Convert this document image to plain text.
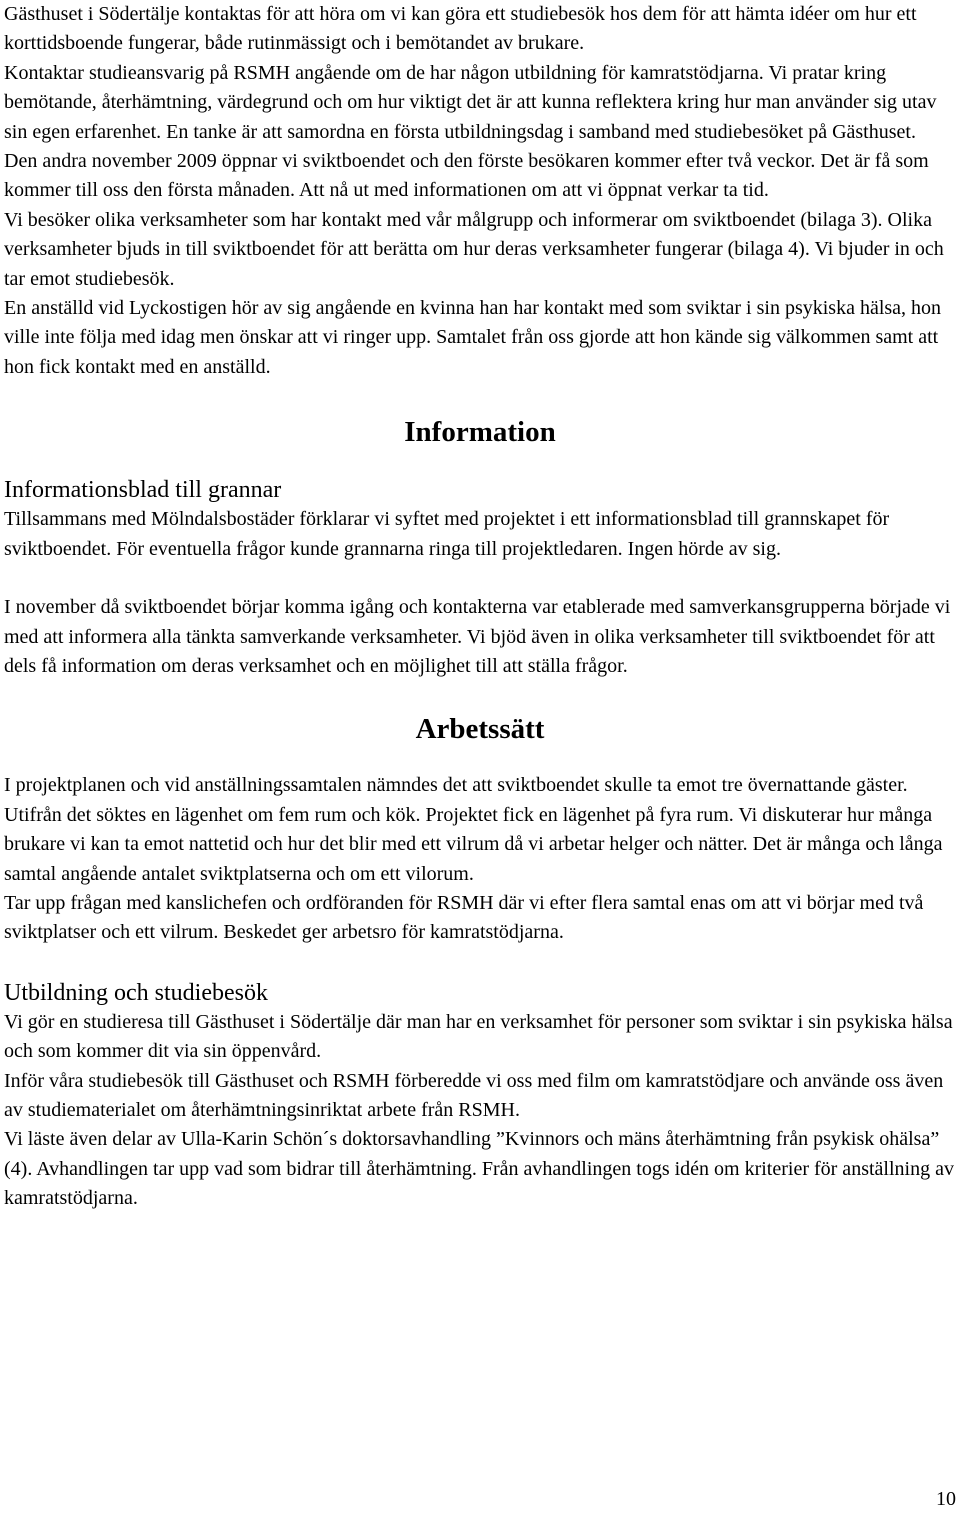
Gästhuset i Södertälje kontaktas för att höra om vi kan göra ett studiebesök hos dem för att hämta idéer om hur ett korttidsboende fungerar, både rutinmässigt och i bemötandet av brukare.

Kontaktar studieansvarig på RSMH angående om de har någon utbildning för kamratstödjarna. Vi pratar kring bemötande, återhämtning, värdegrund och om hur viktigt det är att kunna reflektera kring hur man använder sig utav sin egen erfarenhet. En tanke är att samordna en första utbildningsdag i samband med studiebesöket på Gästhuset.

Den andra november 2009 öppnar vi sviktboendet och den förste besökaren kommer efter två veckor. Det är få som kommer till oss den första månaden. Att nå ut med informationen om att vi öppnat verkar ta tid.

Vi besöker olika verksamheter som har kontakt med vår målgrupp och informerar om sviktboendet (bilaga 3). Olika verksamheter bjuds in till sviktboendet för att berätta om hur deras verksamheter fungerar (bilaga 4). Vi bjuder in och tar emot studiebesök.

En anställd vid Lyckostigen hör av sig angående en kvinna han har kontakt med som sviktar i sin psykiska hälsa, hon ville inte följa med idag men önskar att vi ringer upp. Samtalet från oss gjorde att hon kände sig välkommen samt att hon fick kontakt med en anställd.

Information
Informationsblad till grannar

Tillsammans med Mölndalsbostäder förklarar vi syftet med projektet i ett informationsblad till grannskapet för sviktboendet. För eventuella frågor kunde grannarna ringa till projektledaren. Ingen hörde av sig.

I november då sviktboendet börjar komma igång och kontakterna var etablerade med samverkansgrupperna började vi med att informera alla tänkta samverkande verksamheter. Vi bjöd även in olika verksamheter till sviktboendet för att dels få information om deras verksamhet och en möjlighet till att ställa frågor.

Arbetssätt

I projektplanen och vid anställningssamtalen nämndes det att sviktboendet skulle ta emot tre övernattande gäster. Utifrån det söktes en lägenhet om fem rum och kök. Projektet fick en lägenhet på fyra rum. Vi diskuterar hur många brukare vi kan ta emot nattetid och hur det blir med ett vilrum då vi arbetar helger och nätter. Det är många och långa samtal angående antalet sviktplatserna och om ett vilorum.

Tar upp frågan med kanslichefen och ordföranden för RSMH där vi efter flera samtal enas om att vi börjar med två sviktplatser och ett vilrum. Beskedet ger arbetsro för kamratstödjarna.

Utbildning och studiebesök

Vi gör en studieresa till Gästhuset i Södertälje där man har en verksamhet för personer som sviktar i sin psykiska hälsa och som kommer dit via sin öppenvård.

Inför våra studiebesök till Gästhuset och RSMH förberedde vi oss med film om kamratstödjare och använde oss även av studiematerialet om återhämtningsinriktat arbete från RSMH.

Vi läste även delar av Ulla-Karin Schön´s doktorsavhandling ”Kvinnors och mäns återhämtning från psykisk ohälsa” (4). Avhandlingen tar upp vad som bidrar till återhämtning. Från avhandlingen togs idén om kriterier för anställning av kamratstödjarna.

10
